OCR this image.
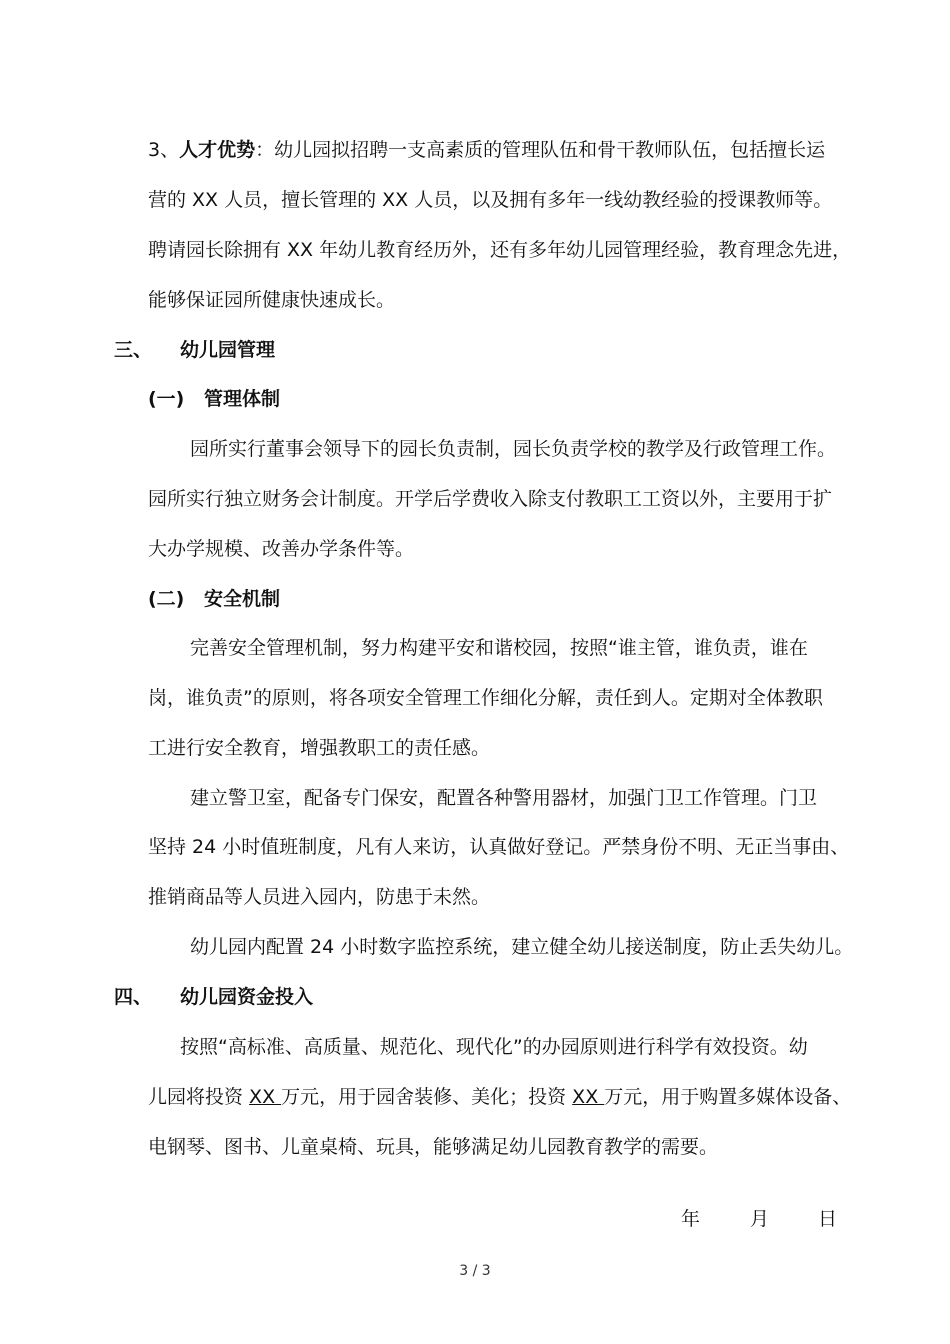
3、人才优势：幼儿园拟招聘一支高素质的管理队伍和骨干教师队伍，包括擅长运
营的 XX 人员，擅长管理的 XX 人员，以及拥有多年一线幼教经验的授课教师等。
聘请园长除拥有 XX 年幼儿教育经历外，还有多年幼儿园管理经验，教育理念先进，
能够保证园所健康快速成长。
三、 幼儿园管理
(一) 管理体制
园所实行董事会领导下的园长负责制，园长负责学校的教学及行政管理工作。
园所实行独立财务会计制度。开学后学费收入除支付教职工工资以外，主要用于扩
大办学规模、改善办学条件等。
(二) 安全机制
完善安全管理机制，努力构建平安和谐校园，按照“谁主管，谁负责，谁在
岗，谁负责”的原则，将各项安全管理工作细化分解，责任到人。定期对全体教职
工进行安全教育，增强教职工的责任感。
建立警卫室，配备专门保安，配置各种警用器材，加强门卫工作管理。门卫
坚持 24 小时值班制度，凡有人来访，认真做好登记。严禁身份不明、无正当事由、
推销商品等人员进入园内，防患于未然。
幼儿园内配置 24 小时数字监控系统，建立健全幼儿接送制度，防止丢失幼儿。
四、 幼儿园资金投入
按照“高标准、高质量、规范化、现代化”的办园原则进行科学有效投资。幼
儿园将投资 XX 万元，用于园舍装修、美化；投资 XX 万元，用于购置多媒体设备、
电钢琴、图书、儿童桌椅、玩具，能够满足幼儿园教育教学的需要。
年	月	日
3 / 3
